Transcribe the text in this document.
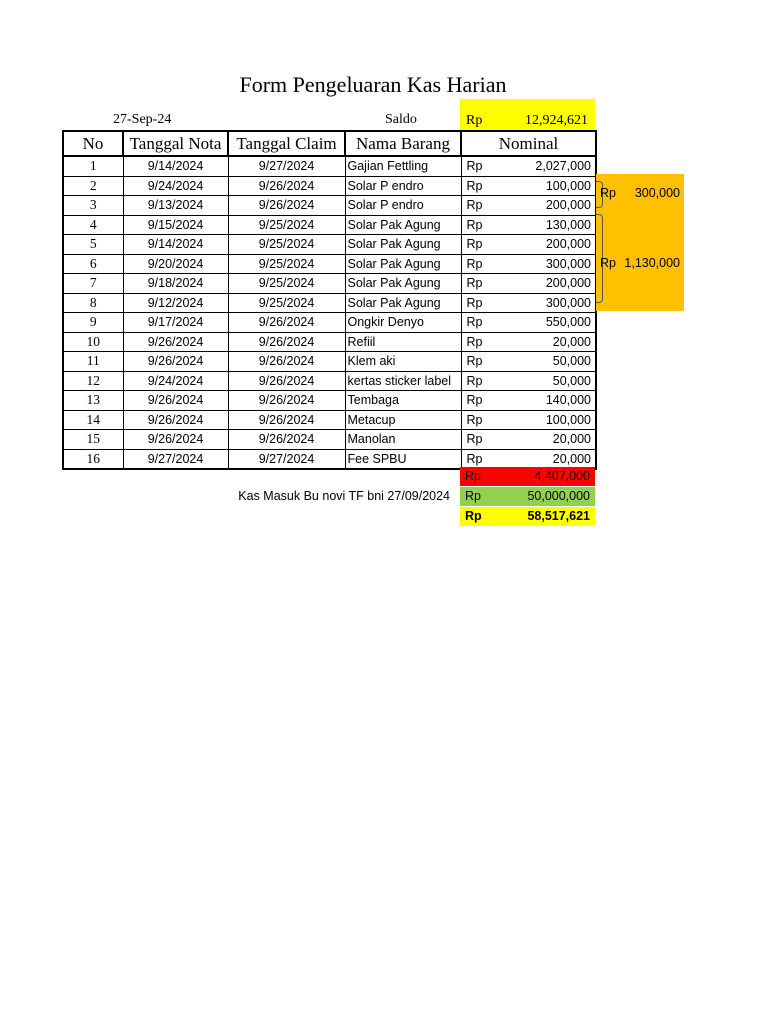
Form Pengeluaran Kas Harian
27-Sep-24	Saldo	Rp	12,924,621
No	Tanggal Nota	Tanggal Claim	Nama Barang	Nominal	
1	9/14/2024	9/27/2024	Gajian Fettling	Rp	2,027,000
2	9/24/2024	9/26/2024	Solar P endro	Rp	100,000
3	9/13/2024	9/26/2024	Solar P endro	Rp	200,000
4	9/15/2024	9/25/2024	Solar Pak Agung	Rp	130,000
5	9/14/2024	9/25/2024	Solar Pak Agung	Rp	200,000
6	9/20/2024	9/25/2024	Solar Pak Agung	Rp	300,000
7	9/18/2024	9/25/2024	Solar Pak Agung	Rp	200,000
8	9/12/2024	9/25/2024	Solar Pak Agung	Rp	300,000
9	9/17/2024	9/26/2024	Ongkir Denyo	Rp	550,000
10	9/26/2024	9/26/2024	Refiil	Rp	20,000
11	9/26/2024	9/26/2024	Klem aki	Rp	50,000
12	9/24/2024	9/26/2024	kertas sticker label	Rp	50,000
13	9/26/2024	9/26/2024	Tembaga	Rp	140,000
14	9/26/2024	9/26/2024	Metacup	Rp	100,000
15	9/26/2024	9/26/2024	Manolan	Rp	20,000
16	9/27/2024	9/27/2024	Fee SPBU	Rp	20,000
Rp	4,407,000
Kas Masuk Bu novi TF bni 27/09/2024 Rp	50,000,000
Rp	58,517,621
Rp	300,000
Rp 1,130,000
